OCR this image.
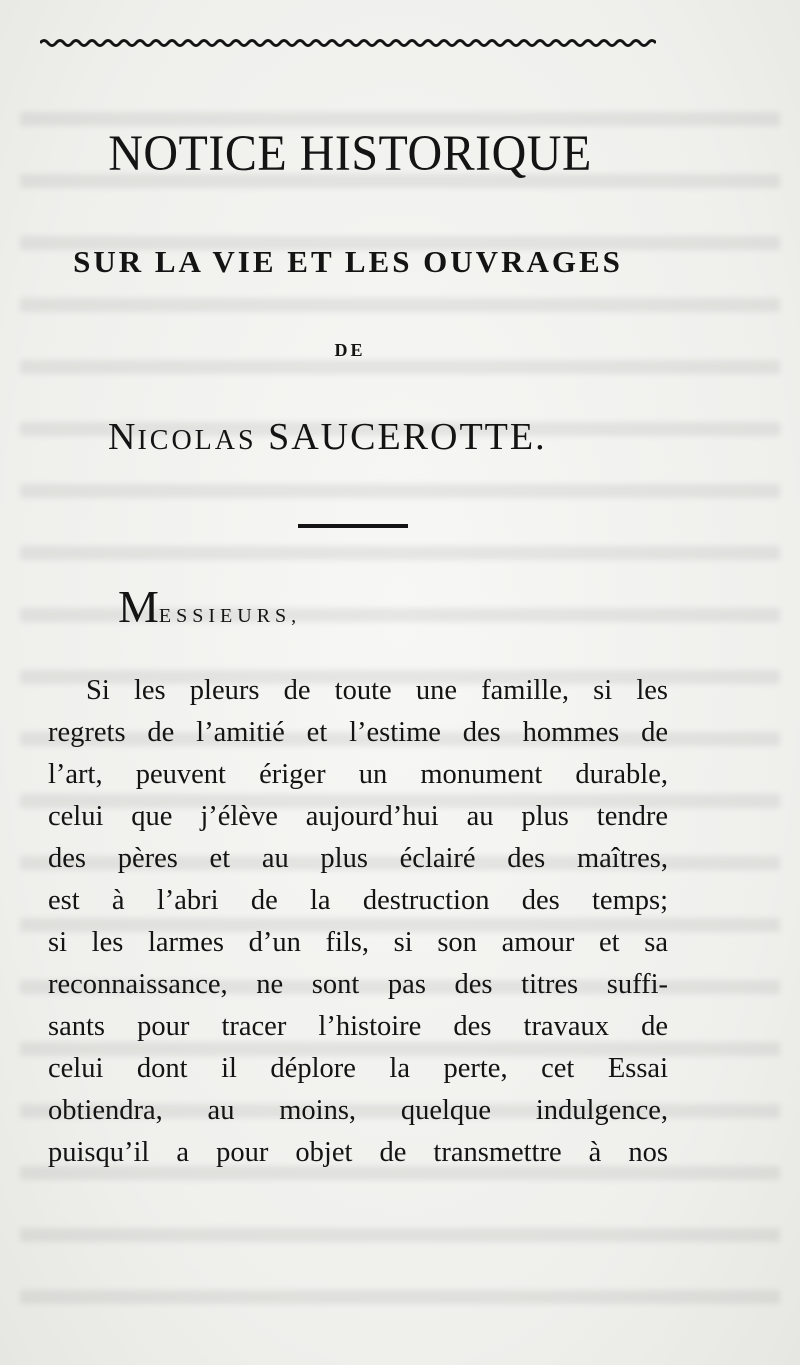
NOTICE HISTORIQUE
SUR LA VIE ET LES OUVRAGES
DE
NICOLAS SAUCEROTTE.
MESSIEURS,
Si les pleurs de toute une famille, si les
regrets de l’amitié et l’estime des hommes de
l’art, peuvent ériger un monument durable,
celui que j’élève aujourd’hui au plus tendre
des pères et au plus éclairé des maîtres,
est à l’abri de la destruction des temps;
si les larmes d’un fils, si son amour et sa
reconnaissance, ne sont pas des titres suffi-
sants pour tracer l’histoire des travaux de
celui dont il déplore la perte, cet Essai
obtiendra, au moins, quelque indulgence,
puisqu’il a pour objet de transmettre à nos
